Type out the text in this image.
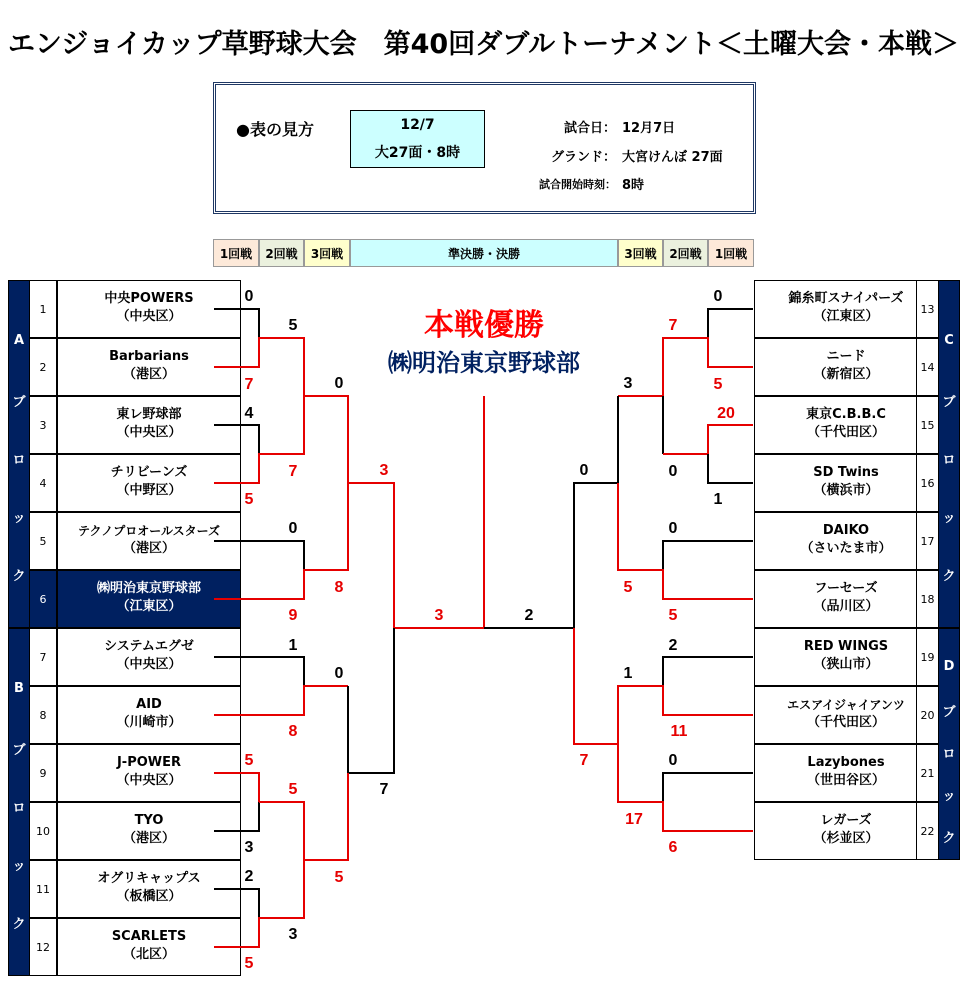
エンジョイカップ草野球大会　第40回ダブルトーナメント＜土曜大会・本戦＞
●表の見方	12/7
大27面・8時
試合日： 12月7日
グランド： 大宮けんぼ 27面
試合開始時刻： 8時
1回戦	2回戦	3回戦	準決勝・決勝	3回戦	2回戦	1回戦
A
ブ
ロ
ッ
ク
B
ブ
ロ
ッ
ク
C
ブ
ロ
ッ
ク
D
ブ
ロ
ッ
ク
1
中央POWERS
（中央区）
2
Barbarians
（港区）
3
東レ野球部
（中央区）
4
チリビーンズ
（中野区）
5
テクノプロオールスターズ
（港区）
6
㈱明治東京野球部
（江東区）
7
システムエグゼ
（中央区）
8
AID
（川崎市）
9
J-POWER
（中央区）
10
TYO
（港区）
11
オグリキャップス
（板橋区）
12
SCARLETS
（北区）
錦糸町スナイパーズ
（江東区）	13
ニード
（新宿区）	14
東京C.B.B.C
（千代田区）	15
SD Twins
（横浜市）	16
DAIKO
（さいたま市）	17
フーセーズ
（品川区）	18
RED WINGS
（狭山市）	19
エスアイジャイアンツ
（千代田区）	20
Lazybones
（世田谷区）	21
レガーズ
（杉並区）	22
0
7
4
5
0
9
1
8
5
3
2
5
5
7
5
3
0
8
0
5
3
7
3	2
0
5
20
1
0
5
2
11
0
6
7
0
3
5
1
17
0
7
本戦優勝
㈱明治東京野球部
